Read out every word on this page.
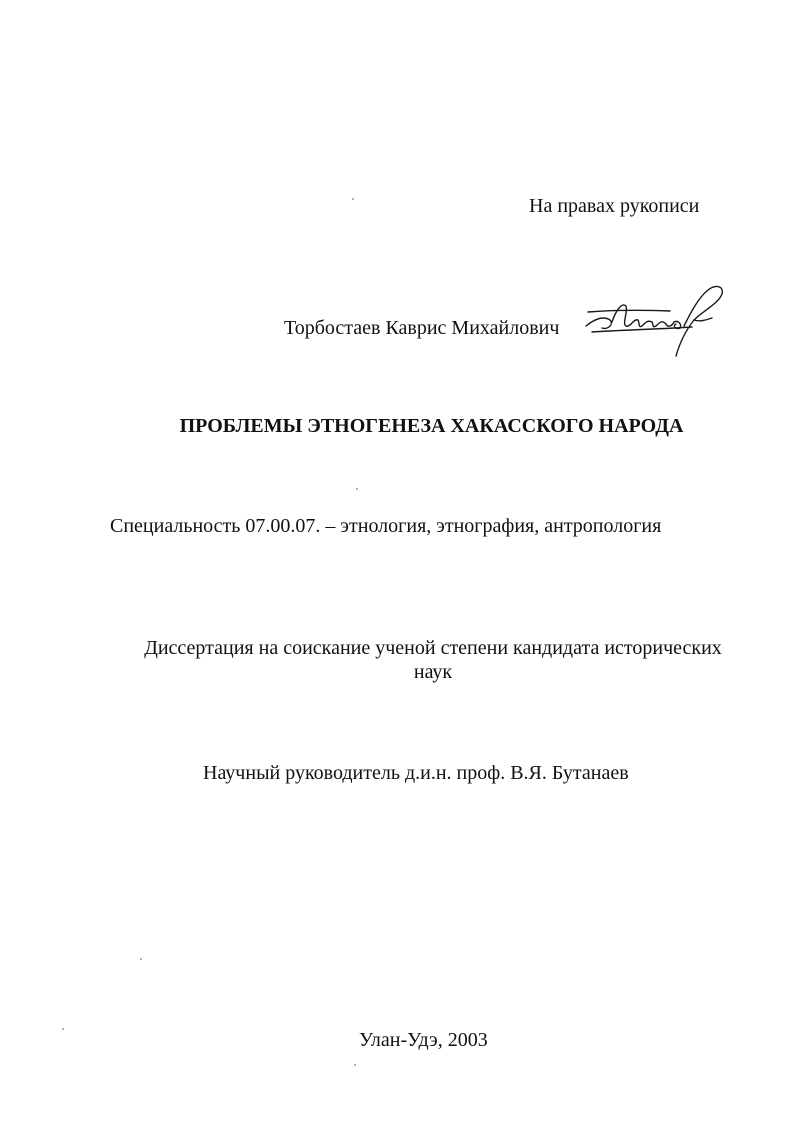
На правах рукописи
Торбостаев Каврис Михайлович
ПРОБЛЕМЫ ЭТНОГЕНЕЗА ХАКАССКОГО НАРОДА
Специальность 07.00.07. – этнология, этнография, антропология
Диссертация на соискание ученой степени кандидата исторических
наук
Научный руководитель д.и.н. проф. В.Я. Бутанаев
Улан-Удэ, 2003
